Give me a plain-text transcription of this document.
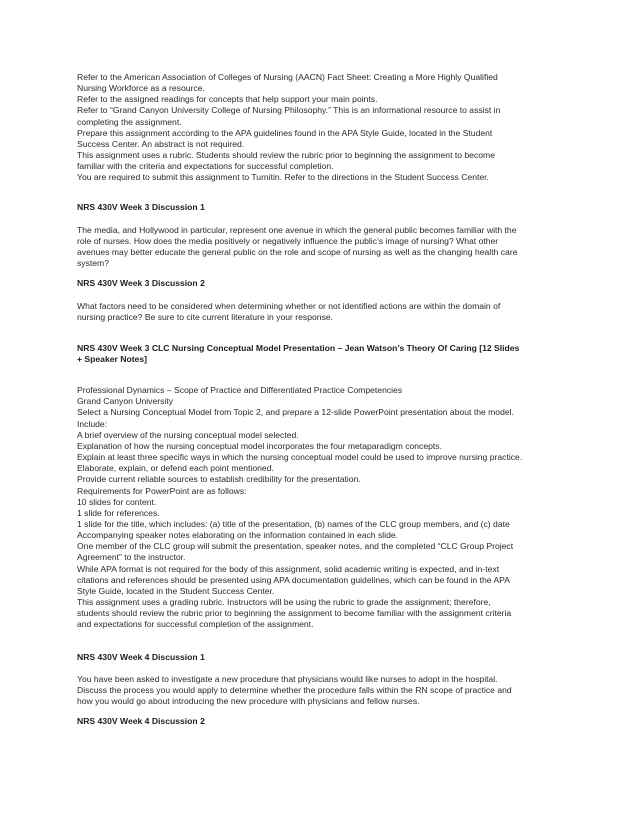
Refer to the American Association of Colleges of Nursing (AACN) Fact Sheet: Creating a More Highly Qualified
Nursing Workforce as a resource.
Refer to the assigned readings for concepts that help support your main points.
Refer to “Grand Canyon University College of Nursing Philosophy.” This is an informational resource to assist in
completing the assignment.
Prepare this assignment according to the APA guidelines found in the APA Style Guide, located in the Student
Success Center. An abstract is not required.
This assignment uses a rubric. Students should review the rubric prior to beginning the assignment to become
familiar with the criteria and expectations for successful completion.
You are required to submit this assignment to Turnitin. Refer to the directions in the Student Success Center.
NRS 430V Week 3 Discussion 1
The media, and Hollywood in particular, represent one avenue in which the general public becomes familiar with the
role of nurses. How does the media positively or negatively influence the public’s image of nursing? What other
avenues may better educate the general public on the role and scope of nursing as well as the changing health care
system?
NRS 430V Week 3 Discussion 2
What factors need to be considered when determining whether or not identified actions are within the domain of
nursing practice? Be sure to cite current literature in your response.
NRS 430V Week 3 CLC Nursing Conceptual Model Presentation – Jean Watson’s Theory Of Caring [12 Slides
+ Speaker Notes]
Professional Dynamics – Scope of Practice and Differentiated Practice Competencies
Grand Canyon University
Select a Nursing Conceptual Model from Topic 2, and prepare a 12-slide PowerPoint presentation about the model.
Include:
A brief overview of the nursing conceptual model selected.
Explanation of how the nursing conceptual model incorporates the four metaparadigm concepts.
Explain at least three specific ways in which the nursing conceptual model could be used to improve nursing practice.
Elaborate, explain, or defend each point mentioned.
Provide current reliable sources to establish credibility for the presentation.
Requirements for PowerPoint are as follows:
10 slides for content.
1 slide for references.
1 slide for the title, which includes: (a) title of the presentation, (b) names of the CLC group members, and (c) date
Accompanying speaker notes elaborating on the information contained in each slide.
One member of the CLC group will submit the presentation, speaker notes, and the completed “CLC Group Project
Agreement” to the instructor.
While APA format is not required for the body of this assignment, solid academic writing is expected, and in-text
citations and references should be presented using APA documentation guidelines, which can be found in the APA
Style Guide, located in the Student Success Center.
This assignment uses a grading rubric. Instructors will be using the rubric to grade the assignment; therefore,
students should review the rubric prior to beginning the assignment to become familiar with the assignment criteria
and expectations for successful completion of the assignment.
NRS 430V Week 4 Discussion 1
You have been asked to investigate a new procedure that physicians would like nurses to adopt in the hospital.
Discuss the process you would apply to determine whether the procedure falls within the RN scope of practice and
how you would go about introducing the new procedure with physicians and fellow nurses.
NRS 430V Week 4 Discussion 2
